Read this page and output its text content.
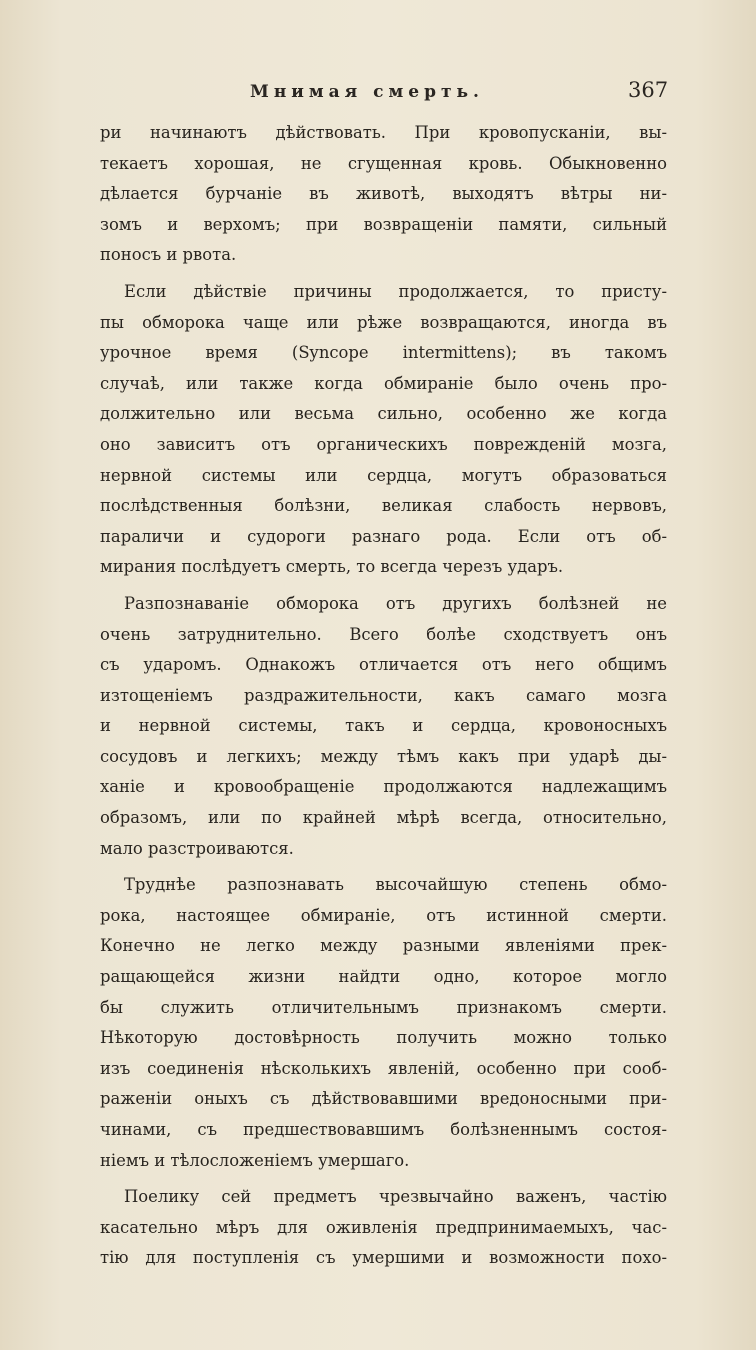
Мнимая смерть.	367
ри начинаютъ дѣйствовать. При кровопусканіи, вы-
текаетъ хорошая, не сгущенная кровь. Обыкновенно
дѣлается бурчаніе въ животѣ, выходятъ вѣтры ни-
зомъ и верхомъ; при возвращеніи памяти, сильный
поносъ и рвота.
Если дѣйствіе причины продолжается, то присту-
пы обморока чаще или рѣже возвращаются, иногда въ
урочное время (Syncope intermittens); въ такомъ
случаѣ, или также когда обмираніе было очень про-
должительно или весьма сильно, особенно же когда
оно зависитъ отъ органическихъ поврежденій мозга,
нервной системы или сердца, могутъ образоваться
послѣдственныя болѣзни, великая слабость нервовъ,
параличи и судороги разнаго рода. Если отъ об-
мирания послѣдуетъ смерть, то всегда черезъ ударъ.
Разпознаваніе обморока отъ другихъ болѣзней не
очень затруднительно. Всего болѣе сходствуетъ онъ
съ ударомъ. Однакожъ отличается отъ него общимъ
изтощеніемъ раздражительности, какъ самаго мозга
и нервной системы, такъ и сердца, кровоносныхъ
сосудовъ и легкихъ; между тѣмъ какъ при ударѣ ды-
ханіе и кровообращеніе продолжаются надлежащимъ
образомъ, или по крайней мѣрѣ всегда, относительно,
мало разстроиваются.
Труднѣе разпознавать высочайшую степень обмо-
рока, настоящее обмираніе, отъ истинной смерти.
Конечно не легко между разными явленіями прек-
ращающейся жизни найдти одно, которое могло
бы служить отличительнымъ признакомъ смерти.
Нѣкоторую достовѣрность получить можно только
изъ соединенія нѣсколькихъ явленій, особенно при сооб-
раженіи оныхъ съ дѣйствовавшими вредоносными при-
чинами, съ предшествовавшимъ болѣзненнымъ состоя-
ніемъ и тѣлосложеніемъ умершаго.
Поелику сей предметъ чрезвычайно важенъ, частію
касательно мѣръ для оживленія предпринимаемыхъ, час-
тію для поступленія съ умершими и возможности похо-
